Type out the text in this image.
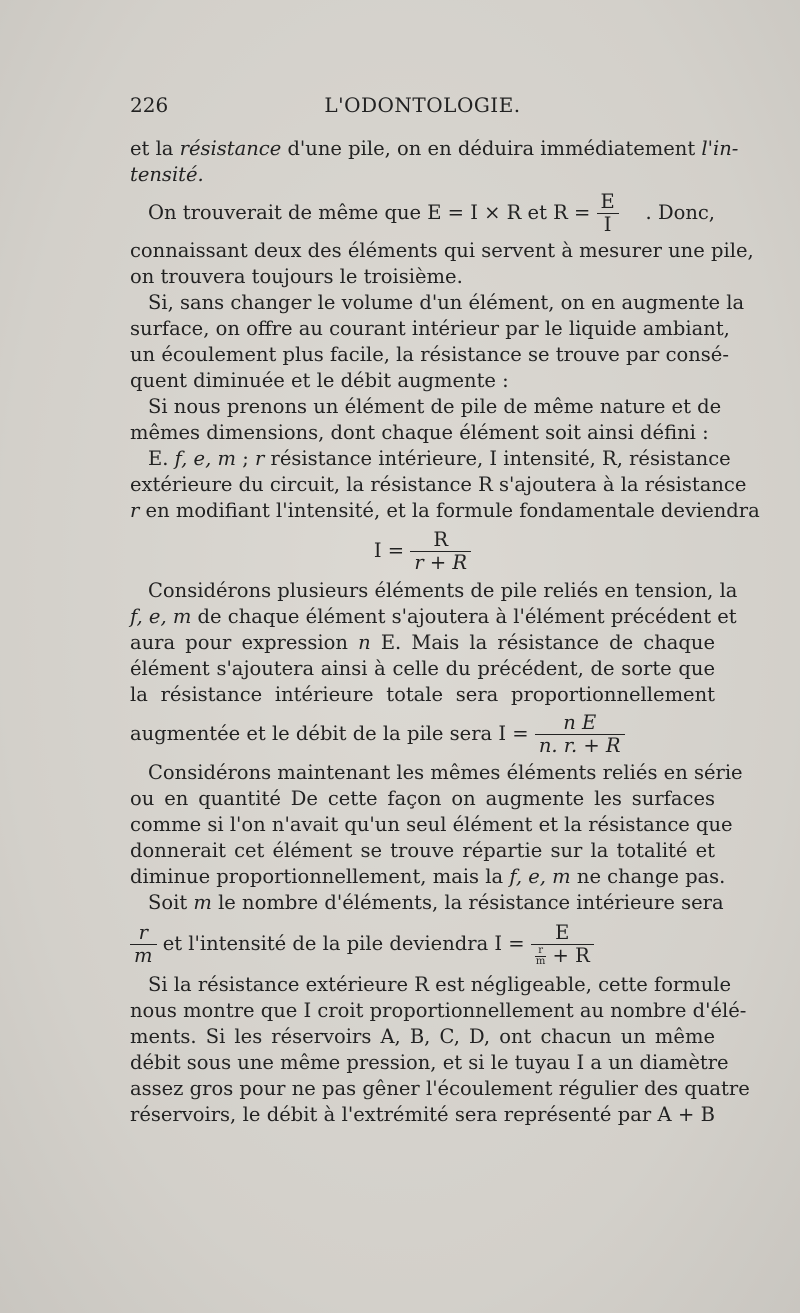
226	L'ODONTOLOGIE.
et la résistance d'une pile, on en déduira immédiatement l'in-
tensité.
On trouverait de même que E = I × R et $R = \frac{E}{I}$ . Donc,
connaissant deux des éléments qui servent à mesurer une pile,
on trouvera toujours le troisième.
Si, sans changer le volume d'un élément, on en augmente la
surface, on offre au courant intérieur par le liquide ambiant,
un écoulement plus facile, la résistance se trouve par consé-
quent diminuée et le débit augmente :
Si nous prenons un élément de pile de même nature et de
mêmes dimensions, dont chaque élément soit ainsi défini :
E. f, e, m ; r résistance intérieure, I intensité, R, résistance
extérieure du circuit, la résistance R s'ajoutera à la résistance
r en modifiant l'intensité, et la formule fondamentale deviendra
$I = \frac{R}{r + R}$
Considérons plusieurs éléments de pile reliés en tension, la
f, e, m de chaque élément s'ajoutera à l'élément précédent et
aura pour expression n E. Mais la résistance de chaque
élément s'ajoutera ainsi à celle du précédent, de sorte que
la résistance intérieure totale sera proportionnellement
augmentée et le débit de la pile sera $I = \frac{\text{n E}}{n. r. + R}$
Considérons maintenant les mêmes éléments reliés en série
ou en quantité De cette façon on augmente les surfaces
comme si l'on n'avait qu'un seul élément et la résistance que
donnerait cet élément se trouve répartie sur la totalité et
diminue proportionnellement, mais la f, e, m ne change pas.
Soit m le nombre d'éléments, la résistance intérieure sera
$\frac{r}{m}$ et l'intensité de la pile deviendra $I = \frac{E}{\frac{r}{m} + R}$
Si la résistance extérieure R est négligeable, cette formule
nous montre que I croit proportionnellement au nombre d'élé-
ments. Si les réservoirs A, B, C, D, ont chacun un même
débit sous une même pression, et si le tuyau I a un diamètre
assez gros pour ne pas gêner l'écoulement régulier des quatre
réservoirs, le débit à l'extrémité sera représenté par A + B
